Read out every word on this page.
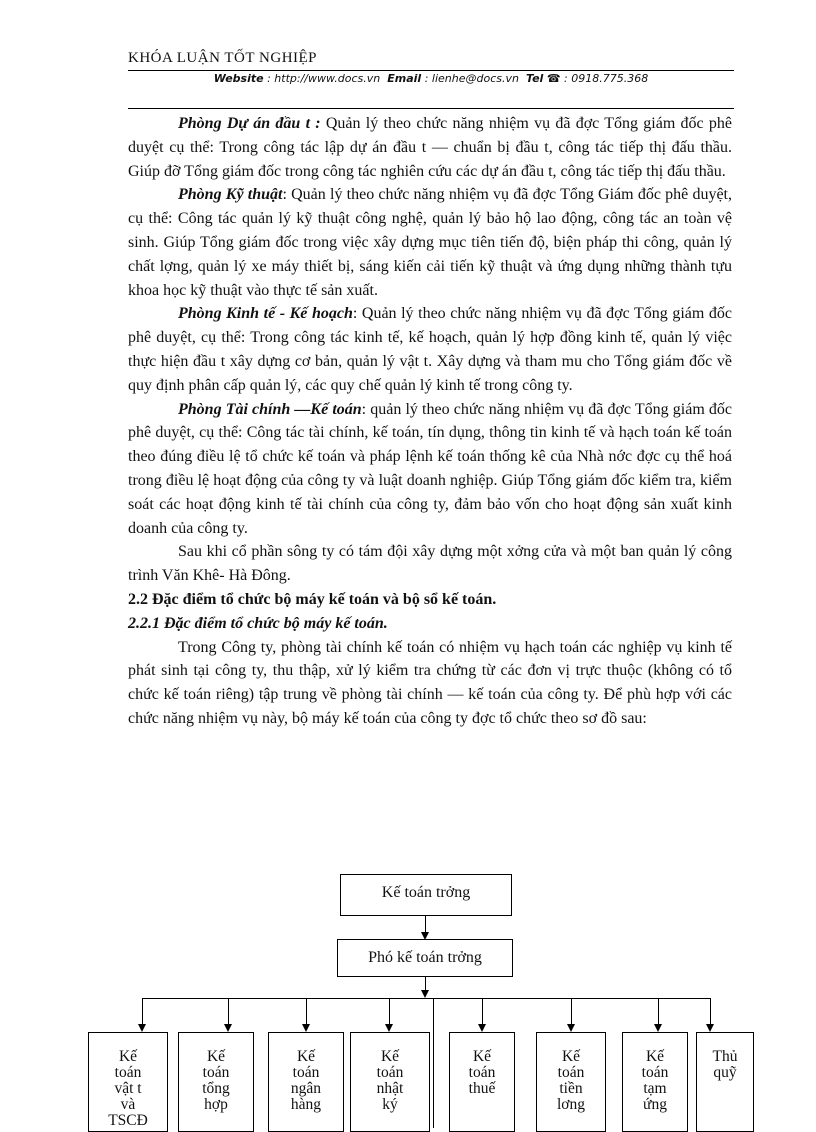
KHÓA LUẬN TỐT NGHIỆP
Website : http://www.docs.vn Email : lienhe@docs.vn Tel ☎ : 0918.775.368

Phòng Dự án đầu t : Quản lý theo chức năng nhiệm vụ đã đợc Tổng giám đốc phê duyệt cụ thể: Trong công tác lập dự án đầu t — chuẩn bị đầu t, công tác tiếp thị đấu thầu. Giúp đỡ Tổng giám đốc trong công tác nghiên cứu các dự án đầu t, công tác tiếp thị đấu thầu.

Phòng Kỹ thuật: Quản lý theo chức năng nhiệm vụ đã đợc Tổng Giám đốc phê duyệt, cụ thể: Công tác quản lý kỹ thuật công nghệ, quản lý bảo hộ lao động, công tác an toàn vệ sinh. Giúp Tổng giám đốc trong việc xây dựng mục tiên tiến độ, biện pháp thi công, quản lý chất lợng, quản lý xe máy thiết bị, sáng kiến cải tiến kỹ thuật và ứng dụng những thành tựu khoa học kỹ thuật vào thực tế sản xuất.

Phòng Kinh tế - Kế hoạch: Quản lý theo chức năng nhiệm vụ đã đợc Tổng giám đốc phê duyệt, cụ thể: Trong công tác kinh tế, kế hoạch, quản lý hợp đồng kinh tế, quản lý việc thực hiện đầu t xây dựng cơ bản, quản lý vật t. Xây dựng và tham mu cho Tổng giám đốc về quy định phân cấp quản lý, các quy chế quản lý kinh tế trong công ty.

Phòng Tài chính —Kế toán: quản lý theo chức năng nhiệm vụ đã đợc Tổng giám đốc phê duyệt, cụ thể: Công tác tài chính, kế toán, tín dụng, thông tin kinh tế và hạch toán kế toán theo đúng điều lệ tổ chức kế toán và pháp lệnh kế toán thống kê của Nhà nớc đợc cụ thể hoá trong điều lệ hoạt động của công ty và luật doanh nghiệp. Giúp Tổng giám đốc kiểm tra, kiểm soát các hoạt động kinh tế tài chính của công ty, đảm bảo vốn cho hoạt động sản xuất kinh doanh của công ty.

Sau khi cổ phần sông ty có tám đội xây dựng một xởng cửa và một ban quản lý công trình Văn Khê- Hà Đông.

2.2 Đặc điểm tổ chức bộ máy kế toán và bộ sổ kế toán.
2.2.1 Đặc điểm tổ chức bộ máy kế toán.

Trong Công ty, phòng tài chính kế toán có nhiệm vụ hạch toán các nghiệp vụ kinh tế phát sinh tại công ty, thu thập, xử lý kiểm tra chứng từ các đơn vị trực thuộc (không có tổ chức kế toán riêng) tập trung về phòng tài chính — kế toán của công ty. Để phù hợp với các chức năng nhiệm vụ này, bộ máy kế toán của công ty đợc tổ chức theo sơ đồ sau:

Kế toán trởng
Phó kế toán trởng
Kế
toán
vật t
và
TSCĐ
Kế
toán
tổng
hợp
Kế
toán
ngân
hàng
Kế
toán
nhật
ký
Kế
toán
thuế
Kế
toán
tiền
lơng
Kế
toán
tạm
ứng
Thủ
quỹ
